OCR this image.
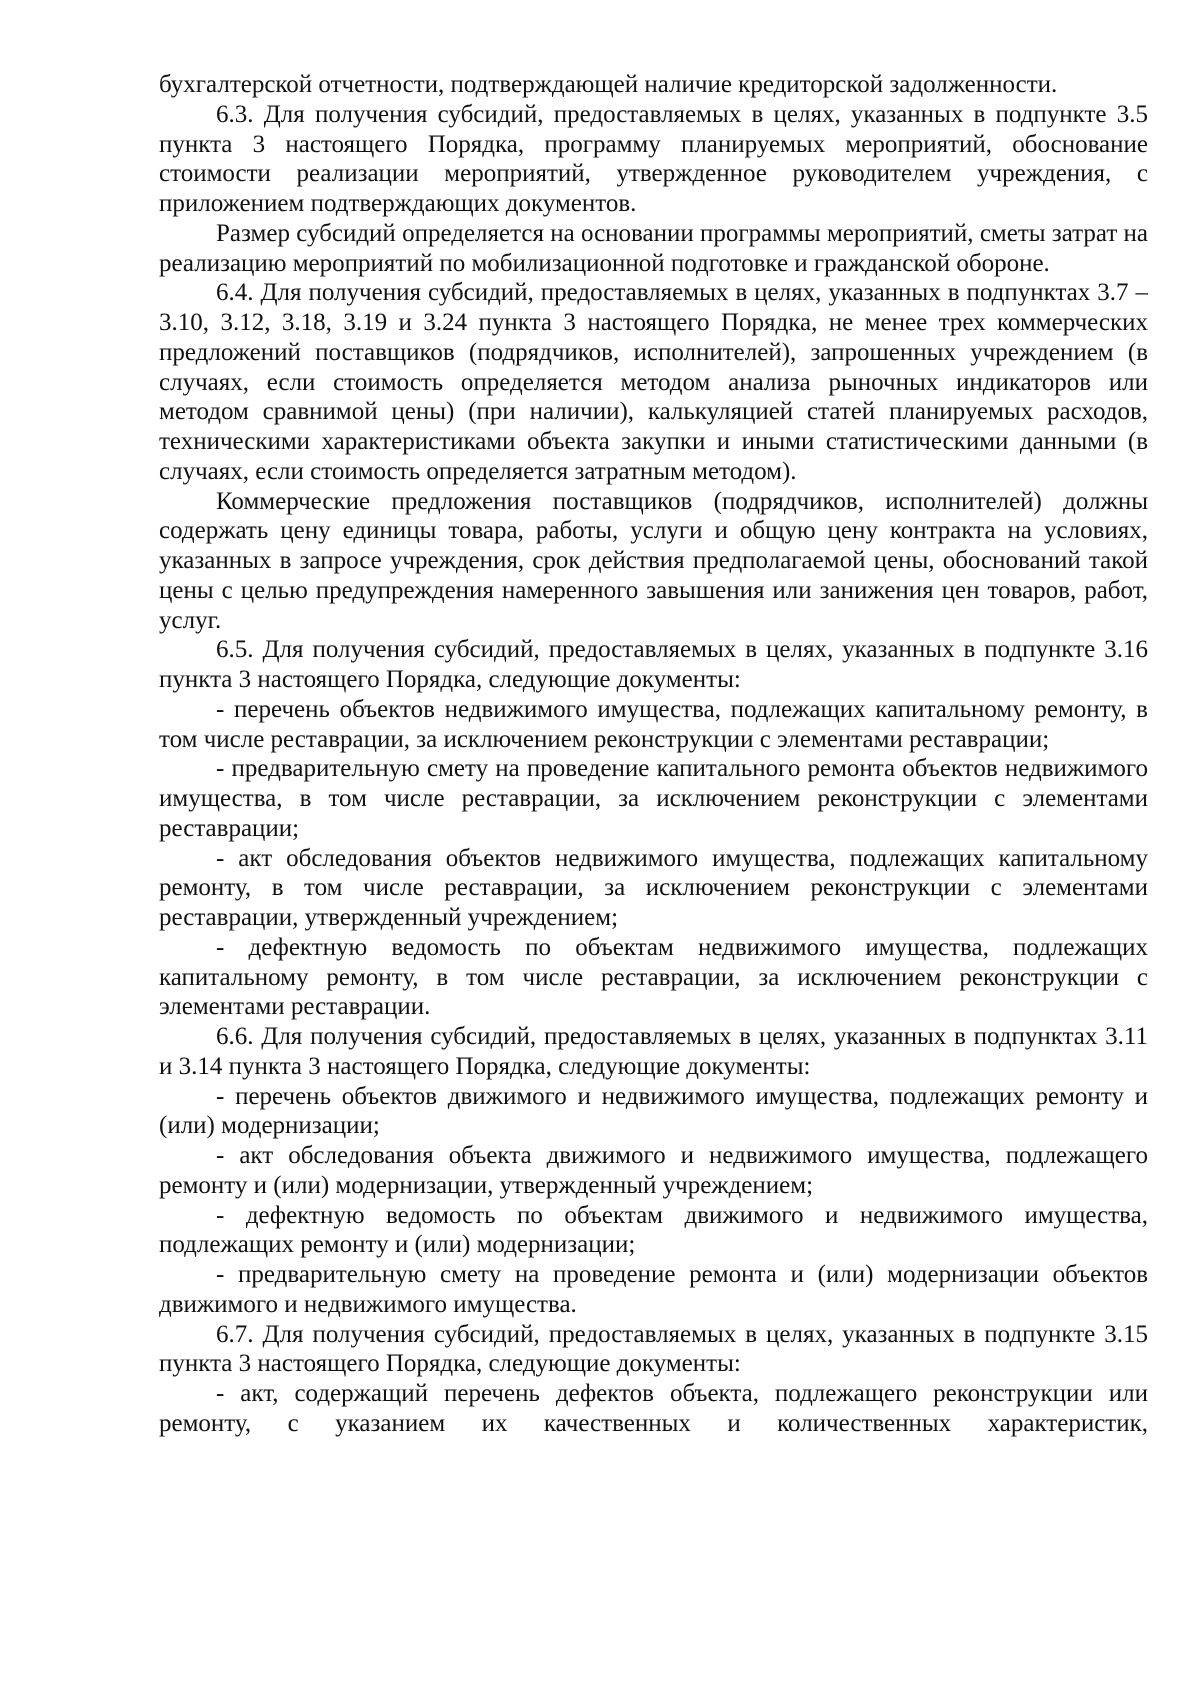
бухгалтерской отчетности, подтверждающей наличие кредиторской задолженности.

6.3. Для получения субсидий, предоставляемых в целях, указанных в подпункте 3.5 пункта 3 настоящего Порядка, программу планируемых мероприятий, обоснование стоимости реализации мероприятий, утвержденное руководителем учреждения, с приложением подтверждающих документов.

Размер субсидий определяется на основании программы мероприятий, сметы затрат на реализацию мероприятий по мобилизационной подготовке и гражданской обороне.

6.4. Для получения субсидий, предоставляемых в целях, указанных в подпунктах 3.7 – 3.10, 3.12, 3.18, 3.19 и 3.24 пункта 3 настоящего Порядка, не менее трех коммерческих предложений поставщиков (подрядчиков, исполнителей), запрошенных учреждением (в случаях, если стоимость определяется методом анализа рыночных индикаторов или методом сравнимой цены) (при наличии), калькуляцией статей планируемых расходов, техническими характеристиками объекта закупки и иными статистическими данными (в случаях, если стоимость определяется затратным методом).

Коммерческие предложения поставщиков (подрядчиков, исполнителей) должны содержать цену единицы товара, работы, услуги и общую цену контракта на условиях, указанных в запросе учреждения, срок действия предполагаемой цены, обоснований такой цены с целью предупреждения намеренного завышения или занижения цен товаров, работ, услуг.

6.5. Для получения субсидий, предоставляемых в целях, указанных в подпункте 3.16 пункта 3 настоящего Порядка, следующие документы:

- перечень объектов недвижимого имущества, подлежащих капитальному ремонту, в том числе реставрации, за исключением реконструкции с элементами реставрации;

- предварительную смету на проведение капитального ремонта объектов недвижимого имущества, в том числе реставрации, за исключением реконструкции с элементами реставрации;

- акт обследования объектов недвижимого имущества, подлежащих капитальному ремонту, в том числе реставрации, за исключением реконструкции с элементами реставрации, утвержденный учреждением;

- дефектную ведомость по объектам недвижимого имущества, подлежащих капитальному ремонту, в том числе реставрации, за исключением реконструкции с элементами реставрации.

6.6. Для получения субсидий, предоставляемых в целях, указанных в подпунктах 3.11 и 3.14 пункта 3 настоящего Порядка, следующие документы:

- перечень объектов движимого и недвижимого имущества, подлежащих ремонту и (или) модернизации;

- акт обследования объекта движимого и недвижимого имущества, подлежащего ремонту и (или) модернизации, утвержденный учреждением;

- дефектную ведомость по объектам движимого и недвижимого имущества, подлежащих ремонту и (или) модернизации;

- предварительную смету на проведение ремонта и (или) модернизации объектов движимого и недвижимого имущества.

6.7. Для получения субсидий, предоставляемых в целях, указанных в подпункте 3.15 пункта 3 настоящего Порядка, следующие документы:

- акт, содержащий перечень дефектов объекта, подлежащего реконструкции или ремонту, с указанием их качественных и количественных характеристик,
